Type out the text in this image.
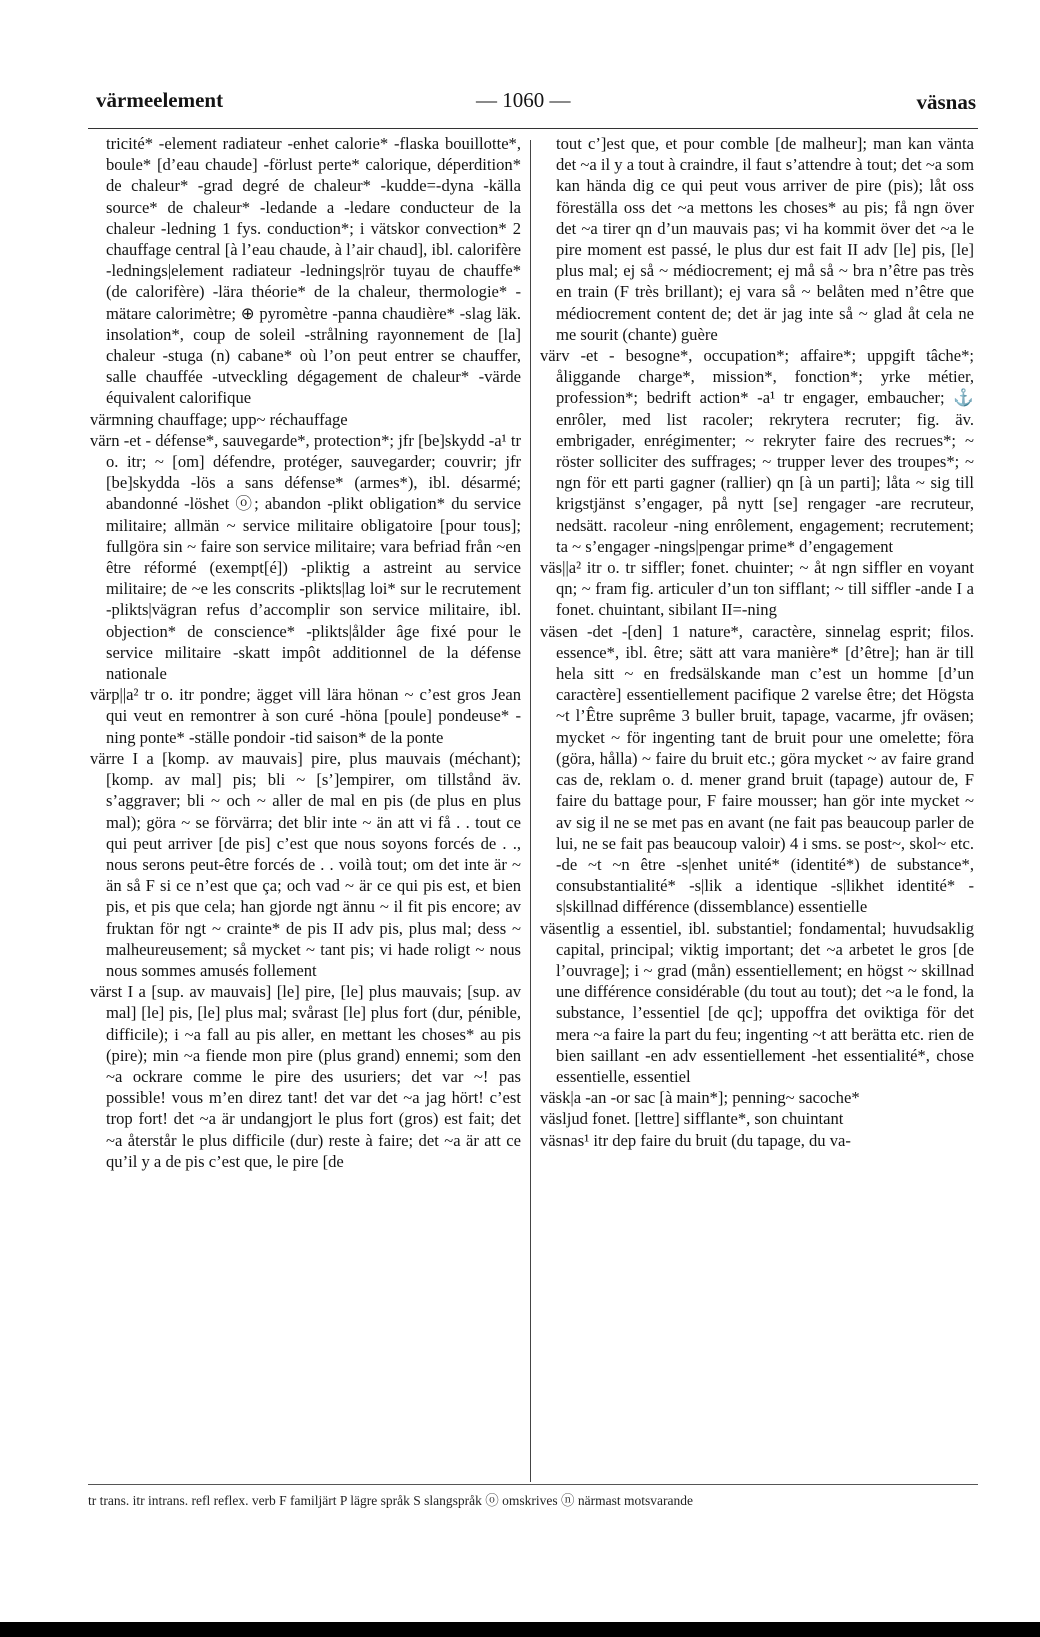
värmeelement	— 1060 —	väsnas

tricité* -element radiateur -enhet calorie* -flaska bouillotte*, boule* [d’eau chaude] -förlust perte* calorique, déperdition* de chaleur* -grad degré de chaleur* -kudde=-dyna -källa source* de chaleur* -ledande a -ledare conducteur de la chaleur -ledning 1 fys. conduction*; i vätskor convection* 2 chauffage central [à l’eau chaude, à l’air chaud], ibl. calorifère -lednings|element radiateur -lednings|rör tuyau de chauffe* (de calorifère) -lära théorie* de la chaleur, thermologie* -mätare calorimètre; ⊕ pyromètre -panna chaudière* -slag läk. insolation*, coup de soleil -strålning rayonnement de [la] chaleur -stuga (n) cabane* où l’on peut entrer se chauffer, salle chauffée -utveckling dégagement de chaleur* -värde équivalent calorifique

värmning chauffage; upp~ réchauffage

värn -et - défense*, sauvegarde*, protection*; jfr [be]skydd -a¹ tr o. itr; ~ [om] défendre, protéger, sauvegarder; couvrir; jfr [be]skydda -lös a sans défense* (armes*), ibl. désarmé; abandonné -löshet ⓞ; abandon -plikt obligation* du service militaire; allmän ~ service militaire obligatoire [pour tous]; fullgöra sin ~ faire son service militaire; vara befriad från ~en être réformé (exempt[é]) -pliktig a astreint au service militaire; de ~e les conscrits -plikts|lag loi* sur le recrutement -plikts|vägran refus d’accomplir son service militaire, ibl. objection* de conscience* -plikts|ålder âge fixé pour le service militaire -skatt impôt additionnel de la défense nationale

värp||a² tr o. itr pondre; ägget vill lära hönan ~ c’est gros Jean qui veut en remontrer à son curé -höna [poule] pondeuse* -ning ponte* -ställe pondoir -tid saison* de la ponte

värre I a [komp. av mauvais] pire, plus mauvais (méchant); [komp. av mal] pis; bli ~ [s’]empirer, om tillstånd äv. s’aggraver; bli ~ och ~ aller de mal en pis (de plus en plus mal); göra ~ se förvärra; det blir inte ~ än att vi få . . tout ce qui peut arriver [de pis] c’est que nous soyons forcés de . ., nous serons peut-être forcés de . . voilà tout; om det inte är ~ än så F si ce n’est que ça; och vad ~ är ce qui pis est, et bien pis, et pis que cela; han gjorde ngt ännu ~ il fit pis encore; av fruktan för ngt ~ crainte* de pis II adv pis, plus mal; dess ~ malheureusement; så mycket ~ tant pis; vi hade roligt ~ nous nous sommes amusés follement

värst I a [sup. av mauvais] [le] pire, [le] plus mauvais; [sup. av mal] [le] pis, [le] plus mal; svårast [le] plus fort (dur, pénible, difficile); i ~a fall au pis aller, en mettant les choses* au pis (pire); min ~a fiende mon pire (plus grand) ennemi; som den ~a ockrare comme le pire des usuriers; det var ~! pas possible! vous m’en direz tant! det var det ~a jag hört! c’est trop fort! det ~a är undangjort le plus fort (gros) est fait; det ~a återstår le plus difficile (dur) reste à faire; det ~a är att ce qu’il y a de pis c’est que, le pire [de

tout c’]est que, et pour comble [de malheur]; man kan vänta det ~a il y a tout à craindre, il faut s’attendre à tout; det ~a som kan hända dig ce qui peut vous arriver de pire (pis); låt oss föreställa oss det ~a mettons les choses* au pis; få ngn över det ~a tirer qn d’un mauvais pas; vi ha kommit över det ~a le pire moment est passé, le plus dur est fait II adv [le] pis, [le] plus mal; ej så ~ médiocrement; ej må så ~ bra n’être pas très en train (F très brillant); ej vara så ~ belåten med n’être que médiocrement content de; det är jag inte så ~ glad åt cela ne me sourit (chante) guère

värv -et - besogne*, occupation*; affaire*; uppgift tâche*; åliggande charge*, mission*, fonction*; yrke métier, profession*; bedrift action* -a¹ tr engager, embaucher; ⚓ enrôler, med list racoler; rekrytera recruter; fig. äv. embrigader, enrégimenter; ~ rekryter faire des recrues*; ~ röster solliciter des suffrages; ~ trupper lever des troupes*; ~ ngn för ett parti gagner (rallier) qn [à un parti]; låta ~ sig till krigstjänst s’engager, på nytt [se] rengager -are recruteur, nedsätt. racoleur -ning enrôlement, engagement; recrutement; ta ~ s’engager -nings|pengar prime* d’engagement

väs||a² itr o. tr siffler; fonet. chuinter; ~ åt ngn siffler en voyant qn; ~ fram fig. articuler d’un ton sifflant; ~ till siffler -ande I a fonet. chuintant, sibilant II=-ning

väsen -det -[den] 1 nature*, caractère, sinnelag esprit; filos. essence*, ibl. être; sätt att vara manière* [d’être]; han är till hela sitt ~ en fredsälskande man c’est un homme [d’un caractère] essentiellement pacifique 2 varelse être; det Högsta ~t l’Être suprême 3 buller bruit, tapage, vacarme, jfr oväsen; mycket ~ för ingenting tant de bruit pour une omelette; föra (göra, hålla) ~ faire du bruit etc.; göra mycket ~ av faire grand cas de, reklam o. d. mener grand bruit (tapage) autour de, F faire du battage pour, F faire mousser; han gör inte mycket ~ av sig il ne se met pas en avant (ne fait pas beaucoup parler de lui, ne se fait pas beaucoup valoir) 4 i sms. se post~, skol~ etc. -de ~t ~n être -s|enhet unité* (identité*) de substance*, consubstantialité* -s|lik a identique -s|likhet identité* -s|skillnad différence (dissemblance) essentielle

väsentlig a essentiel, ibl. substantiel; fondamental; huvudsaklig capital, principal; viktig important; det ~a arbetet le gros [de l’ouvrage]; i ~ grad (mån) essentiellement; en högst ~ skillnad une différence considérable (du tout au tout); det ~a le fond, la substance, l’essentiel [de qc]; uppoffra det oviktiga för det mera ~a faire la part du feu; ingenting ~t att berätta etc. rien de bien saillant -en adv essentiellement -het essentialité*, chose essentielle, essentiel

väsk|a -an -or sac [à main*]; penning~ sacoche*

väsljud fonet. [lettre] sifflante*, son chuintant

väsnas¹ itr dep faire du bruit (du tapage, du va-

tr trans. itr intrans. refl reflex. verb F familjärt P lägre språk S slangspråk ⓞ omskrives ⓝ närmast motsvarande
